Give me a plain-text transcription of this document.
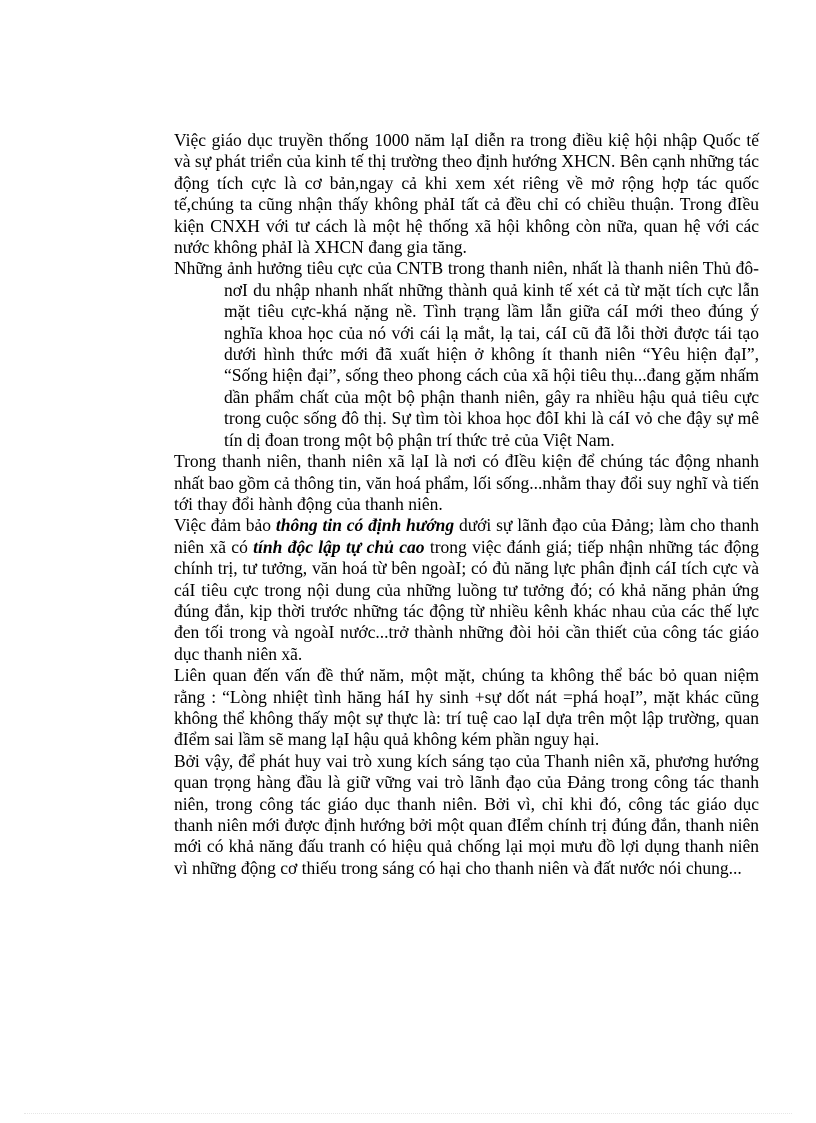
Việc giáo dục truyền thống 1000 năm lạI diễn ra trong điều kiệ hội nhập Quốc tế và sự phát triển của kinh tế thị trường theo định hướng XHCN. Bên cạnh những tác động tích cực là cơ bản,ngay cả khi xem xét riêng về mở rộng hợp tác quốc tế,chúng ta cũng nhận thấy không phảI tất cả đều chỉ có chiều thuận. Trong đIều kiện CNXH với tư cách là một hệ thống xã hội không còn nữa, quan hệ với các nước không phảI là XHCN đang gia tăng.

Những ảnh hưởng tiêu cực của CNTB trong thanh niên, nhất là thanh niên Thủ đô-nơI du nhập nhanh nhất những thành quả kinh tế xét cả từ mặt tích cực lẫn mặt tiêu cực-khá nặng nề. Tình trạng lầm lẫn giữa cáI mới theo đúng ý nghĩa khoa học của nó với cái lạ mắt, lạ tai, cáI cũ đã lỗi thời được tái tạo dưới hình thức mới đã xuất hiện ở không ít thanh niên “Yêu hiện đạI”, “Sống hiện đại”, sống theo phong cách của xã hội tiêu thụ...đang gặm nhấm dần phẩm chất của một bộ phận thanh niên, gây ra nhiều hậu quả tiêu cực trong cuộc sống đô thị. Sự tìm tòi khoa học đôI khi là cáI vỏ che đậy sự mê tín dị đoan trong một bộ phận trí thức trẻ của Việt Nam.

Trong thanh niên, thanh niên xã lạI là nơi có đIều kiện để chúng tác động nhanh nhất bao gồm cả thông tin, văn hoá phẩm, lối sống...nhằm thay đổi suy nghĩ và tiến tới thay đổi hành động của thanh niên.

Việc đảm bảo thông tin có định hướng dưới sự lãnh đạo của Đảng; làm cho thanh niên xã có tính độc lập tự chủ cao trong việc đánh giá; tiếp nhận những tác động chính trị, tư tưởng, văn hoá từ bên ngoàI; có đủ năng lực phân định cáI tích cực và cáI tiêu cực trong nội dung của những luồng tư tưởng đó; có khả năng phản ứng đúng đắn, kịp thời trước những tác động từ nhiều kênh khác nhau của các thế lực đen tối trong và ngoàI nước...trở thành những đòi hỏi cần thiết của công tác giáo dục thanh niên xã.

Liên quan đến vấn đề thứ năm, một mặt, chúng ta không thể bác bỏ quan niệm rằng : “Lòng nhiệt tình hăng háI hy sinh +sự dốt nát =phá hoạI”, mặt khác cũng không thể không thấy một sự thực là: trí tuệ cao lạI dựa trên một lập trường, quan đIểm sai lầm sẽ mang lạI hậu quả không kém phần nguy hại.

Bởi vậy, để phát huy vai trò xung kích sáng tạo của Thanh niên xã, phương hướng quan trọng hàng đầu là giữ vững vai trò lãnh đạo của Đảng trong công tác thanh niên, trong công tác giáo dục thanh niên. Bởi vì, chỉ khi đó, công tác giáo dục thanh niên mới được định hướng bởi một quan đIểm chính trị đúng đắn, thanh niên mới có khả năng đấu tranh có hiệu quả chống lại mọi mưu đồ lợi dụng thanh niên vì những động cơ thiếu trong sáng có hại cho thanh niên và đất nước nói chung...
